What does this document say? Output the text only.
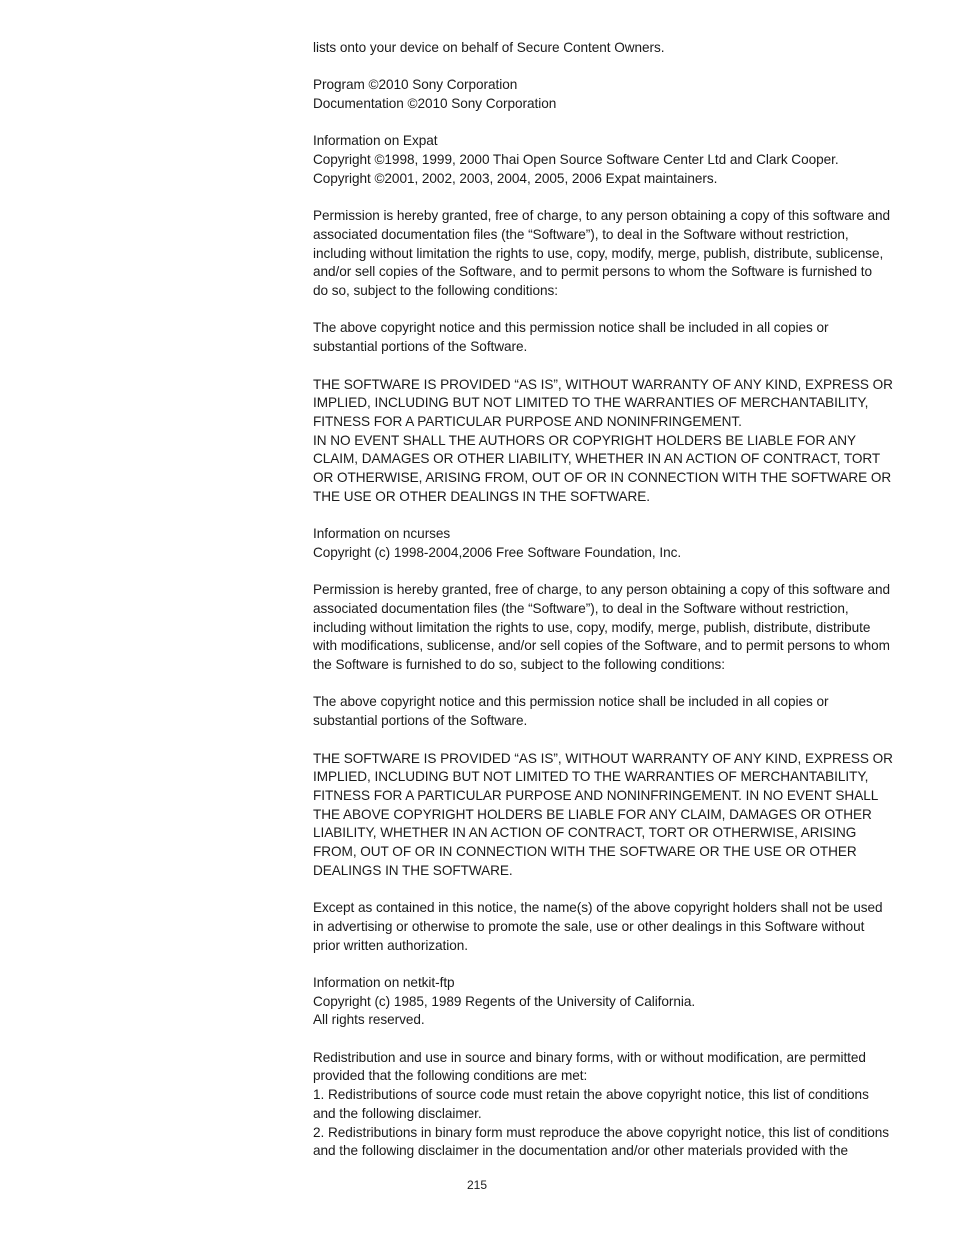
lists onto your device on behalf of Secure Content Owners.
Program ©2010 Sony Corporation
Documentation ©2010 Sony Corporation
Information on Expat
Copyright ©1998, 1999, 2000 Thai Open Source Software Center Ltd and Clark Cooper.
Copyright ©2001, 2002, 2003, 2004, 2005, 2006 Expat maintainers.
Permission is hereby granted, free of charge, to any person obtaining a copy of this software and
associated documentation files (the “Software”), to deal in the Software without restriction,
including without limitation the rights to use, copy, modify, merge, publish, distribute, sublicense,
and/or sell copies of the Software, and to permit persons to whom the Software is furnished to
do so, subject to the following conditions:
The above copyright notice and this permission notice shall be included in all copies or
substantial portions of the Software.
THE SOFTWARE IS PROVIDED “AS IS”, WITHOUT WARRANTY OF ANY KIND, EXPRESS OR
IMPLIED, INCLUDING BUT NOT LIMITED TO THE WARRANTIES OF MERCHANTABILITY,
FITNESS FOR A PARTICULAR PURPOSE AND NONINFRINGEMENT.
IN NO EVENT SHALL THE AUTHORS OR COPYRIGHT HOLDERS BE LIABLE FOR ANY
CLAIM, DAMAGES OR OTHER LIABILITY, WHETHER IN AN ACTION OF CONTRACT, TORT
OR OTHERWISE, ARISING FROM, OUT OF OR IN CONNECTION WITH THE SOFTWARE OR
THE USE OR OTHER DEALINGS IN THE SOFTWARE.
Information on ncurses
Copyright (c) 1998-2004,2006 Free Software Foundation, Inc.
Permission is hereby granted, free of charge, to any person obtaining a copy of this software and
associated documentation files (the “Software”), to deal in the Software without restriction,
including without limitation the rights to use, copy, modify, merge, publish, distribute, distribute
with modifications, sublicense, and/or sell copies of the Software, and to permit persons to whom
the Software is furnished to do so, subject to the following conditions:
The above copyright notice and this permission notice shall be included in all copies or
substantial portions of the Software.
THE SOFTWARE IS PROVIDED “AS IS”, WITHOUT WARRANTY OF ANY KIND, EXPRESS OR
IMPLIED, INCLUDING BUT NOT LIMITED TO THE WARRANTIES OF MERCHANTABILITY,
FITNESS FOR A PARTICULAR PURPOSE AND NONINFRINGEMENT. IN NO EVENT SHALL
THE ABOVE COPYRIGHT HOLDERS BE LIABLE FOR ANY CLAIM, DAMAGES OR OTHER
LIABILITY, WHETHER IN AN ACTION OF CONTRACT, TORT OR OTHERWISE, ARISING
FROM, OUT OF OR IN CONNECTION WITH THE SOFTWARE OR THE USE OR OTHER
DEALINGS IN THE SOFTWARE.
Except as contained in this notice, the name(s) of the above copyright holders shall not be used
in advertising or otherwise to promote the sale, use or other dealings in this Software without
prior written authorization.
Information on netkit-ftp
Copyright (c) 1985, 1989 Regents of the University of California.
All rights reserved.
Redistribution and use in source and binary forms, with or without modification, are permitted
provided that the following conditions are met:
1. Redistributions of source code must retain the above copyright notice, this list of conditions
and the following disclaimer.
2. Redistributions in binary form must reproduce the above copyright notice, this list of conditions
and the following disclaimer in the documentation and/or other materials provided with the
215
